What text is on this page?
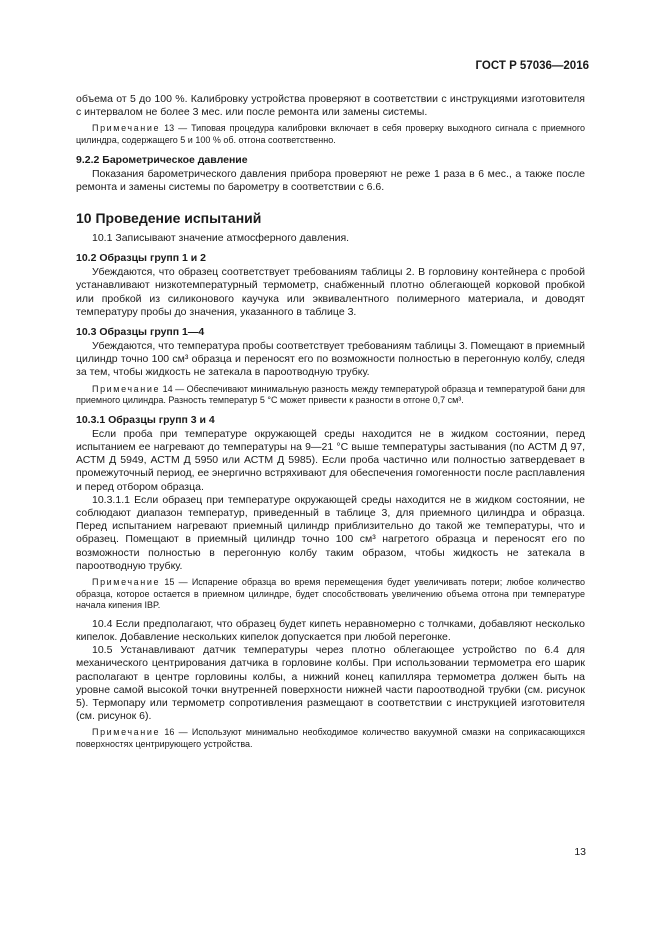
ГОСТ Р 57036—2016

объема от 5 до 100 %. Калибровку устройства проверяют в соответствии с инструкциями изготовителя с интервалом не более 3 мес. или после ремонта или замены системы.

Примечание 13 — Типовая процедура калибровки включает в себя проверку выходного сигнала с приемного цилиндра, содержащего 5 и 100 % об. отгона соответственно.

9.2.2 Барометрическое давление

Показания барометрического давления прибора проверяют не реже 1 раза в 6 мес., а также после ремонта и замены системы по барометру в соответствии с 6.6.

10 Проведение испытаний

10.1 Записывают значение атмосферного давления.

10.2 Образцы групп 1 и 2

Убеждаются, что образец соответствует требованиям таблицы 2. В горловину контейнера с пробой устанавливают низкотемпературный термометр, снабженный плотно облегающей корковой пробкой или пробкой из силиконового каучука или эквивалентного полимерного материала, и доводят температуру пробы до значения, указанного в таблице 3.

10.3 Образцы групп 1—4

Убеждаются, что температура пробы соответствует требованиям таблицы 3. Помещают в приемный цилиндр точно 100 см³ образца и переносят его по возможности полностью в перегонную колбу, следя за тем, чтобы жидкость не затекала в пароотводную трубку.

Примечание 14 — Обеспечивают минимальную разность между температурой образца и температурой бани для приемного цилиндра. Разность температур 5 °С может привести к разности в отгоне 0,7 см³.

10.3.1 Образцы групп 3 и 4

Если проба при температуре окружающей среды находится не в жидком состоянии, перед испытанием ее нагревают до температуры на 9—21 °С выше температуры застывания (по АСТМ Д 97, АСТМ Д 5949, АСТМ Д 5950 или АСТМ Д 5985). Если проба частично или полностью затвердевает в промежуточный период, ее энергично встряхивают для обеспечения гомогенности после расплавления и перед отбором образца.

10.3.1.1 Если образец при температуре окружающей среды находится не в жидком состоянии, не соблюдают диапазон температур, приведенный в таблице 3, для приемного цилиндра и образца. Перед испытанием нагревают приемный цилиндр приблизительно до такой же температуры, что и образец. Помещают в приемный цилиндр точно 100 см³ нагретого образца и переносят его по возможности полностью в перегонную колбу таким образом, чтобы жидкость не затекала в пароотводную трубку.

Примечание 15 — Испарение образца во время перемещения будет увеличивать потери; любое количество образца, которое остается в приемном цилиндре, будет способствовать увеличению объема отгона при температуре начала кипения IBP.

10.4 Если предполагают, что образец будет кипеть неравномерно с толчками, добавляют несколько кипелок. Добавление нескольких кипелок допускается при любой перегонке.

10.5 Устанавливают датчик температуры через плотно облегающее устройство по 6.4 для механического центрирования датчика в горловине колбы. При использовании термометра его шарик располагают в центре горловины колбы, а нижний конец капилляра термометра должен быть на уровне самой высокой точки внутренней поверхности нижней части пароотводной трубки (см. рисунок 5). Термопару или термометр сопротивления размещают в соответствии с инструкцией изготовителя (см. рисунок 6).

Примечание 16 — Используют минимально необходимое количество вакуумной смазки на соприкасающихся поверхностях центрирующего устройства.

13
